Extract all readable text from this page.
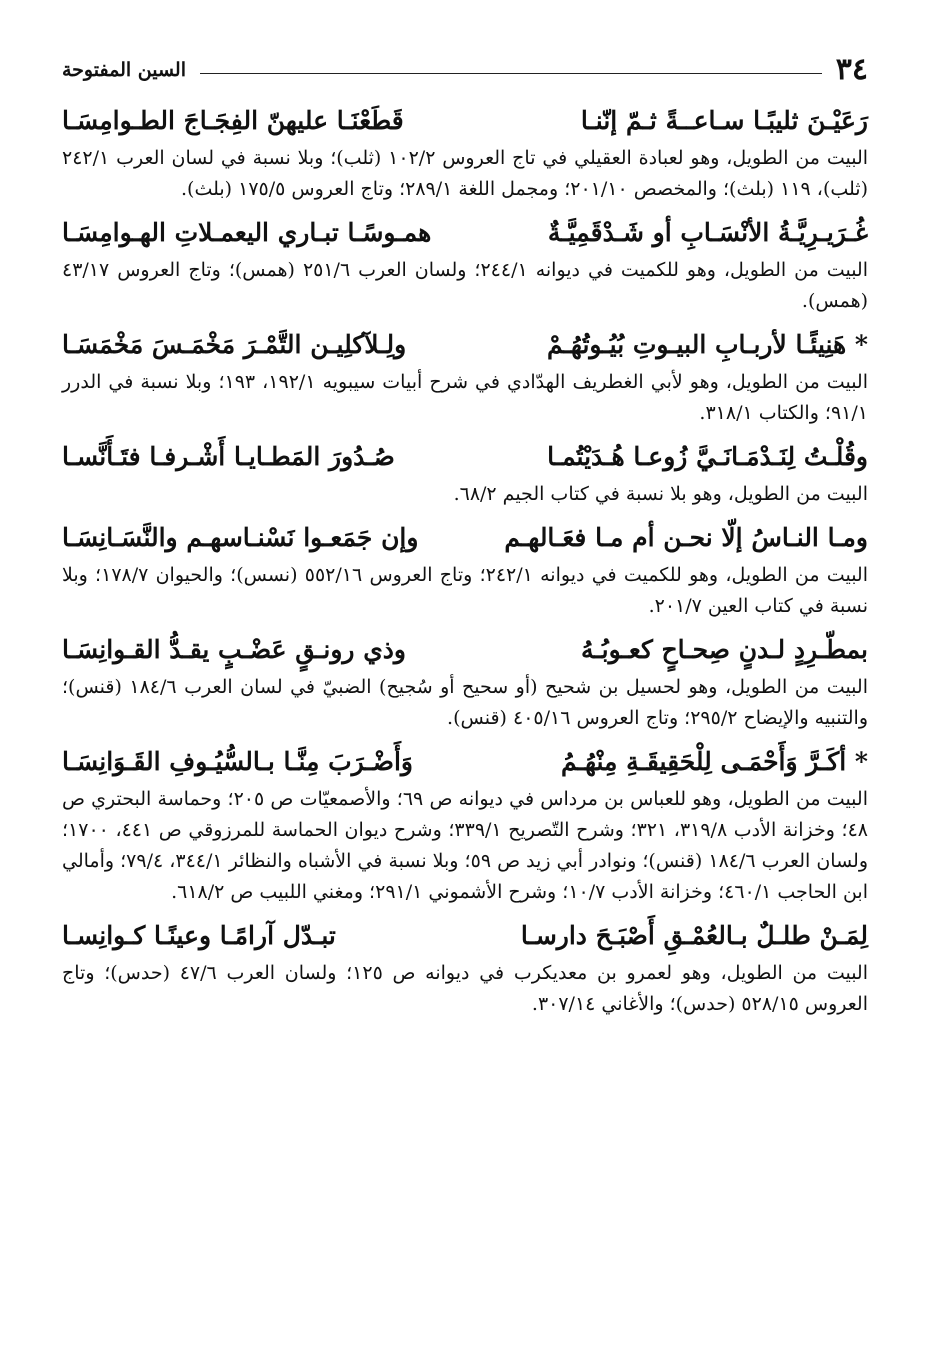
٣٤
السين المفتوحة
رَعَيْـنَ ثليبًـا سـاعــةً ثـمّ إنّنـا
قَطَعْنَـا عليهنّ الفِجَـاجَ الطـوامِسَـا
البيت من الطويل، وهو لعبادة العقيلي في تاج العروس ١٠٢/٢ (ثلب)؛ وبلا نسبة في لسان العرب ٢٤٢/١ (ثلب)، ١١٩ (بلث)؛ والمخصص ٢٠١/١٠؛ ومجمل اللغة ٢٨٩/١؛ وتاج العروس ١٧٥/٥ (بلث).
غُـرَيـرِيَّـةُ الأنْسَـابِ أو شَـدْقَمِيَّـةٌ
همـوسًـا تبـاري اليعمـلاتِ الهـوامِسَـا
البيت من الطويل، وهو للكميت في ديوانه ٢٤٤/١؛ ولسان العرب ٢٥١/٦ (همس)؛ وتاج العروس ٤٣/١٧ (همس).
* هَنِيئًـا لأربـابِ البيـوتِ بُيُـوتُهُـمْ
ولِـلآكلِيـن التَّمْـرَ مَخْمَـسَ مَخْمَسَـا
البيت من الطويل، وهو لأبي الغطريف الهدّادي في شرح أبيات سيبويه ١٩٢/١، ١٩٣؛ وبلا نسبة في الدرر ٩١/١؛ والكتاب ٣١٨/١.
وقُلْـتُ لِنَـدْمَـانَـيَّ زُوعـا هُـدَيْتُمـا
صُـدُورَ المَطـايـا أَشْـرفـا فتَـأَنَّسـا
البيت من الطويل، وهو بلا نسبة في كتاب الجيم ٦٨/٢.
ومـا النـاسُ إلّا نحـن أم مـا فعَـالهـم
وإن جَمَعـوا نَسْنـاسهـم والنَّسَـانِسَـا
البيت من الطويل، وهو للكميت في ديوانه ٢٤٢/١؛ وتاج العروس ٥٥٢/١٦ (نسس)؛ والحيوان ١٧٨/٧؛ وبلا نسبة في كتاب العين ٢٠١/٧.
بمطّـرِدٍ لـدنٍ صِحـاحٍ كعـوبُـهُ
وذي رونـقٍ عَضْـبٍ يقـدُّ القـوانِسَـا
البيت من الطويل، وهو لحسيل بن شحيح (أو سحيح أو سُجيح) الضبيّ في لسان العرب ١٨٤/٦ (قنس)؛ والتنبيه والإيضاح ٢٩٥/٢؛ وتاج العروس ٤٠٥/١٦ (قنس).
* أكَـرَّ وَأَحْمَـى لِلْحَقِيقَـةِ مِنْهُـمُ
وَأَضْـرَبَ مِنَّـا بـالسُّيُـوفِ القَـوَانِسَـا
البيت من الطويل، وهو للعباس بن مرداس في ديوانه ص ٦٩؛ والأصمعيّات ص ٢٠٥؛ وحماسة البحتري ص ٤٨؛ وخزانة الأدب ٣١٩/٨، ٣٢١؛ وشرح التّصريح ٣٣٩/١؛ وشرح ديوان الحماسة للمرزوقي ص ٤٤١، ١٧٠٠؛ ولسان العرب ١٨٤/٦ (قنس)؛ ونوادر أبي زيد ص ٥٩؛ وبلا نسبة في الأشباه والنظائر ٣٤٤/١، ٧٩/٤؛ وأمالي ابن الحاجب ٤٦٠/١؛ وخزانة الأدب ١٠/٧؛ وشرح الأشموني ٢٩١/١؛ ومغني اللبيب ص ٦١٨/٢.
لِمَـنْ طلـلٌ بـالعُمْـقِ أَصْبَـحَ دارسـا
تبـدّل آرامًـا وعينًـا كـوانِسـا
البيت من الطويل، وهو لعمرو بن معديكرب في ديوانه ص ١٢٥؛ ولسان العرب ٤٧/٦ (حدس)؛ وتاج العروس ٥٢٨/١٥ (حدس)؛ والأغاني ٣٠٧/١٤.
